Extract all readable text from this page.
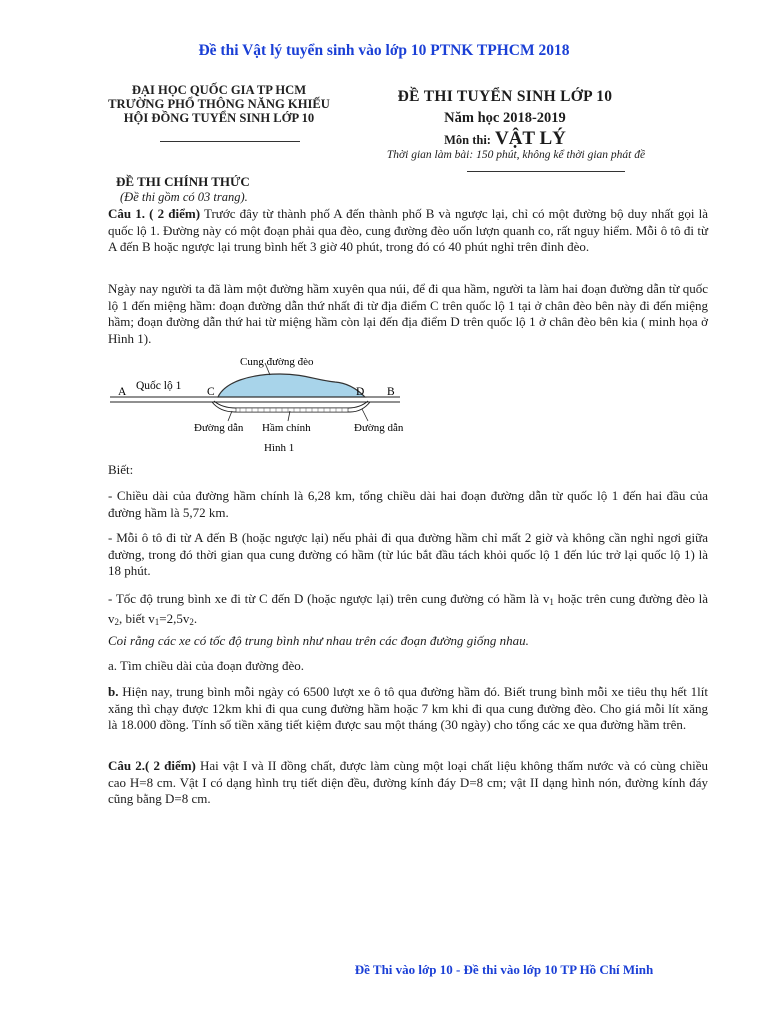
Đề thi Vật lý tuyển sinh vào lớp 10 PTNK TPHCM 2018
ĐẠI HỌC QUỐC GIA TP HCM
TRƯỜNG PHỔ THÔNG NĂNG KHIẾU
HỘI ĐỒNG TUYỂN SINH LỚP 10
ĐỀ THI TUYỂN SINH LỚP 10
Năm học 2018-2019
Môn thi: VẬT LÝ
Thời gian làm bài: 150 phút, không kể thời gian phát đề
ĐỀ THI CHÍNH THỨC
(Đề thi gồm có 03 trang).
Câu 1. ( 2 điểm) Trước đây từ thành phố A đến thành phố B và ngược lại, chỉ có một đường bộ duy nhất gọi là quốc lộ 1. Đường này có một đoạn phải qua đèo, cung đường đèo uốn lượn quanh co, rất nguy hiểm. Mỗi ô tô đi từ A đến B hoặc ngược lại trung bình hết 3 giờ 40 phút, trong đó có 40 phút nghỉ trên đỉnh đèo.
Ngày nay người ta đã làm một đường hầm xuyên qua núi, để đi qua hầm, người ta làm hai đoạn đường dẫn từ quốc lộ 1 đến miệng hầm: đoạn đường dẫn thứ nhất đi từ địa điểm C trên quốc lộ 1 tại ở chân đèo bên này đi đến miệng hầm; đoạn đường dẫn thứ hai từ miệng hầm còn lại đến địa điểm D trên quốc lộ 1 ở chân đèo bên kia ( minh họa ở Hình 1).
A Quốc lộ 1 C	D B
Cung đường đèo
Đường dẫn Hầm chính	Đường dẫn
Hình 1
Biết:
- Chiều dài của đường hầm chính là 6,28 km, tổng chiều dài hai đoạn đường dẫn từ quốc lộ 1 đến hai đầu của đường hầm là 5,72 km.
- Mỗi ô tô đi từ A đến B (hoặc ngược lại) nếu phải đi qua đường hầm chỉ mất 2 giờ và không cần nghỉ ngơi giữa đường, trong đó thời gian qua cung đường có hầm (từ lúc bắt đầu tách khỏi quốc lộ 1 đến lúc trở lại quốc lộ 1) là 18 phút.
- Tốc độ trung bình xe đi từ C đến D (hoặc ngược lại) trên cung đường có hầm là $v_1$ hoặc trên cung đường đèo là $v_2$, biết $v_1=2,5v_2$.
Coi rằng các xe có tốc độ trung bình như nhau trên các đoạn đường giống nhau.
a. Tìm chiều dài của đoạn đường đèo.
b. Hiện nay, trung bình mỗi ngày có 6500 lượt xe ô tô qua đường hầm đó. Biết trung bình mỗi xe tiêu thụ hết 1lít xăng thì chạy được 12km khi đi qua cung đường hầm hoặc 7 km khi đi qua cung đường đèo. Cho giá mỗi lít xăng là 18.000 đồng. Tính số tiền xăng tiết kiệm được sau một tháng (30 ngày) cho tổng các xe qua đường hầm trên.
Câu 2.( 2 điểm) Hai vật I và II đồng chất, được làm cùng một loại chất liệu không thấm nước và có cùng chiều cao H=8 cm. Vật I có dạng hình trụ tiết diện đều, đường kính đáy D=8 cm; vật II dạng hình nón, đường kính đáy cũng bằng D=8 cm.
Đề Thi vào lớp 10 - Đề thi vào lớp 10 TP Hồ Chí Minh
